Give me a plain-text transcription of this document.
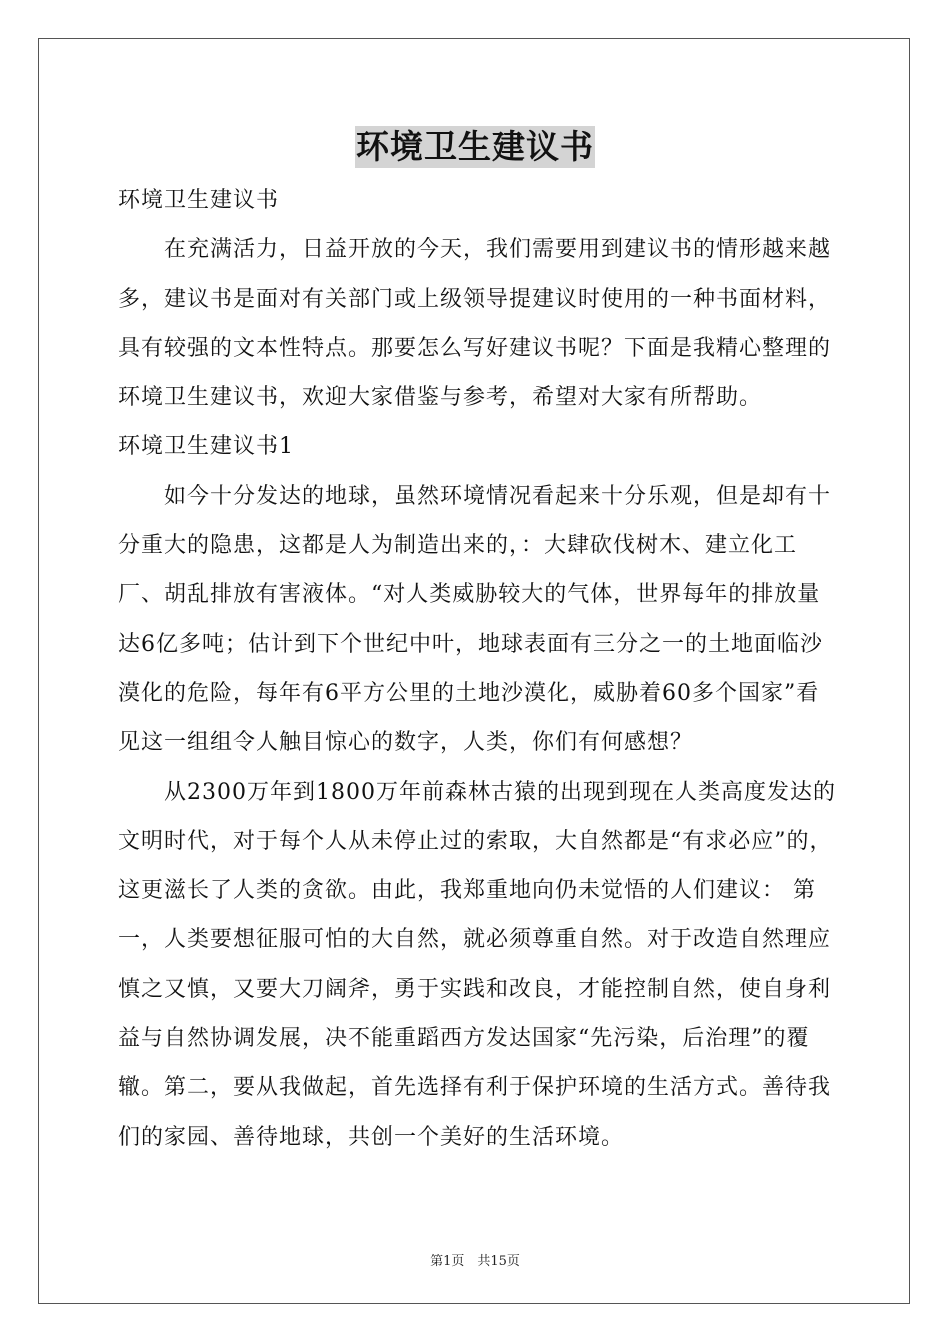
环境卫生建议书

环境卫生建议书

在充满活力，日益开放的今天，我们需要用到建议书的情形越来越多，建议书是面对有关部门或上级领导提建议时使用的一种书面材料，具有较强的文本性特点。那要怎么写好建议书呢？下面是我精心整理的环境卫生建议书，欢迎大家借鉴与参考，希望对大家有所帮助。

环境卫生建议书1

如今十分发达的地球，虽然环境情况看起来十分乐观，但是却有十分重大的隐患，这都是人为制造出来的，：大肆砍伐树木、建立化工厂、胡乱排放有害液体。“对人类威胁较大的气体，世界每年的排放量达6亿多吨；估计到下个世纪中叶，地球表面有三分之一的土地面临沙漠化的危险，每年有6平方公里的土地沙漠化，威胁着60多个国家”看见这一组组令人触目惊心的数字，人类，你们有何感想？

从2300万年到1800万年前森林古猿的出现到现在人类高度发达的文明时代，对于每个人从未停止过的索取，大自然都是“有求必应”的，这更滋长了人类的贪欲。由此，我郑重地向仍未觉悟的人们建议： 第一，人类要想征服可怕的大自然，就必须尊重自然。对于改造自然理应慎之又慎，又要大刀阔斧，勇于实践和改良，才能控制自然，使自身利益与自然协调发展，决不能重蹈西方发达国家“先污染，后治理”的覆辙。第二，要从我做起，首先选择有利于保护环境的生活方式。善待我们的家园、善待地球，共创一个美好的生活环境。

第1页　共15页
